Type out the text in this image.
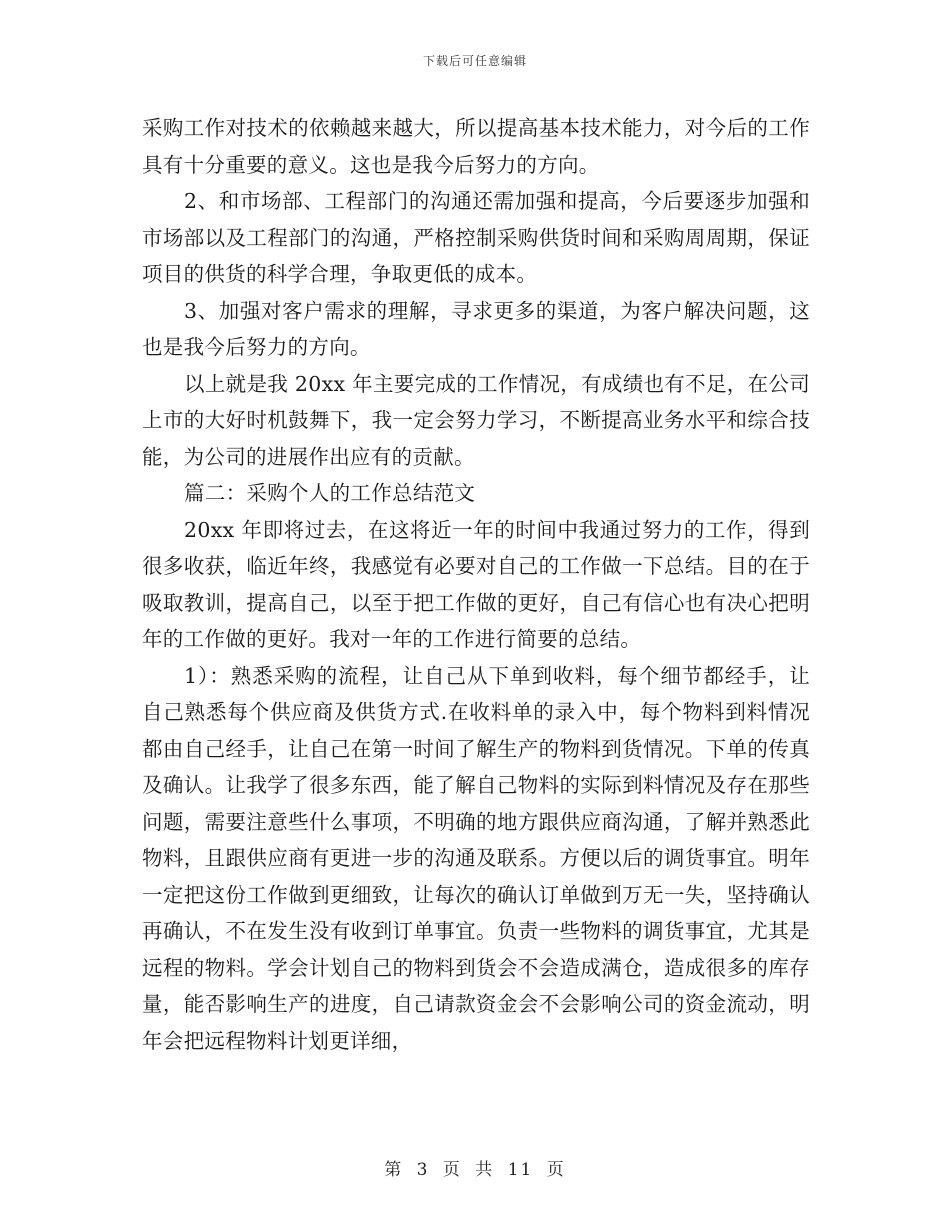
下载后可任意编辑

采购工作对技术的依赖越来越大，所以提高基本技术能力，对今后的工作具有十分重要的意义。这也是我今后努力的方向。

2、和市场部、工程部门的沟通还需加强和提高，今后要逐步加强和市场部以及工程部门的沟通，严格控制采购供货时间和采购周周期，保证项目的供货的科学合理，争取更低的成本。

3、加强对客户需求的理解，寻求更多的渠道，为客户解决问题，这也是我今后努力的方向。

以上就是我 20xx 年主要完成的工作情况，有成绩也有不足，在公司上市的大好时机鼓舞下，我一定会努力学习，不断提高业务水平和综合技能，为公司的进展作出应有的贡献。

篇二：采购个人的工作总结范文

20xx 年即将过去，在这将近一年的时间中我通过努力的工作，得到很多收获，临近年终，我感觉有必要对自己的工作做一下总结。目的在于吸取教训，提高自己，以至于把工作做的更好，自己有信心也有决心把明年的工作做的更好。我对一年的工作进行简要的总结。

1）：熟悉采购的流程，让自己从下单到收料，每个细节都经手，让自己熟悉每个供应商及供货方式.在收料单的录入中，每个物料到料情况都由自己经手，让自己在第一时间了解生产的物料到货情况。下单的传真及确认。让我学了很多东西，能了解自己物料的实际到料情况及存在那些问题，需要注意些什么事项，不明确的地方跟供应商沟通，了解并熟悉此物料，且跟供应商有更进一步的沟通及联系。方便以后的调货事宜。明年一定把这份工作做到更细致，让每次的确认订单做到万无一失，坚持确认再确认，不在发生没有收到订单事宜。负责一些物料的调货事宜，尤其是远程的物料。学会计划自己的物料到货会不会造成满仓，造成很多的库存量，能否影响生产的进度，自己请款资金会不会影响公司的资金流动，明年会把远程物料计划更详细，

第 3 页 共 11 页
